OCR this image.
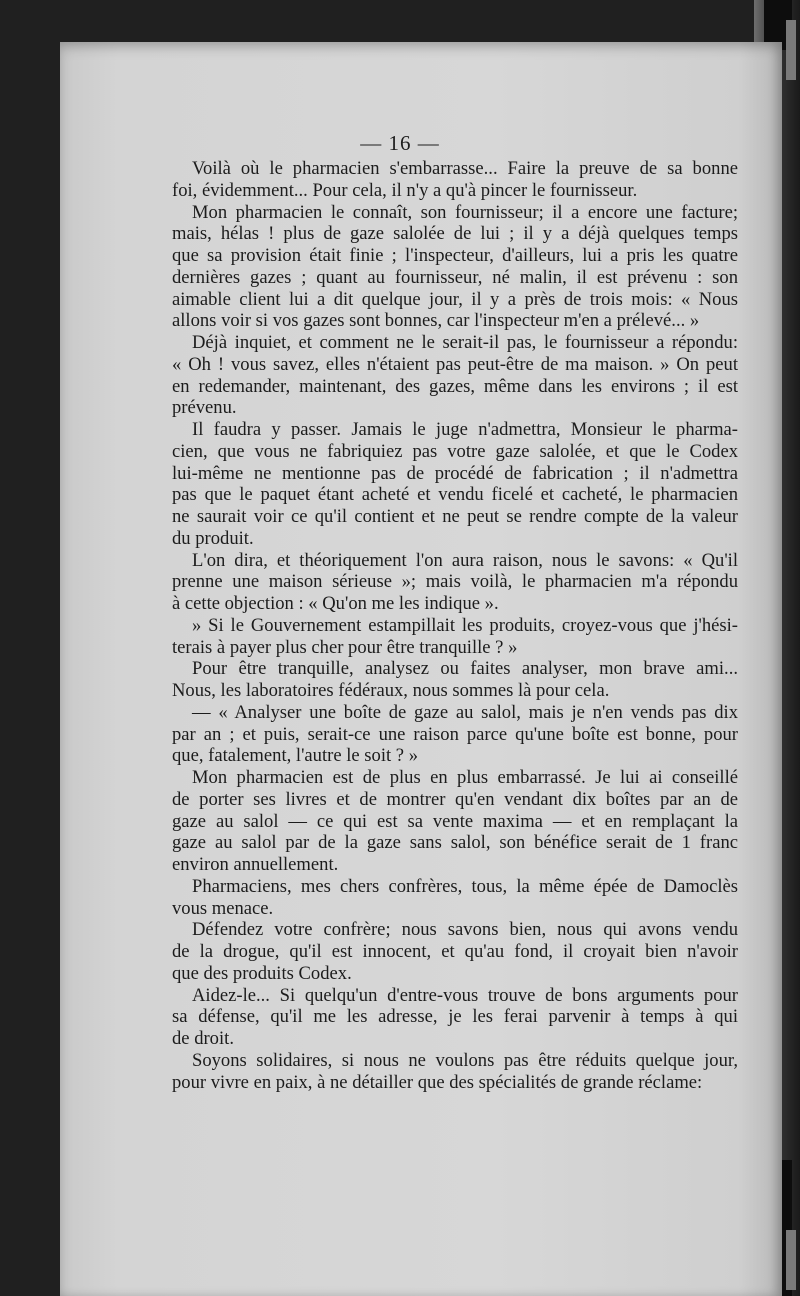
— 16 —
Voilà où le pharmacien s'embarrasse... Faire la preuve de sa bonne
foi, évidemment... Pour cela, il n'y a qu'à pincer le fournisseur.
Mon pharmacien le connaît, son fournisseur; il a encore une facture;
mais, hélas ! plus de gaze salolée de lui ; il y a déjà quelques temps
que sa provision était finie ; l'inspecteur, d'ailleurs, lui a pris les quatre
dernières gazes ; quant au fournisseur, né malin, il est prévenu : son
aimable client lui a dit quelque jour, il y a près de trois mois: « Nous
allons voir si vos gazes sont bonnes, car l'inspecteur m'en a prélevé... »
Déjà inquiet, et comment ne le serait-il pas, le fournisseur a répondu:
« Oh ! vous savez, elles n'étaient pas peut-être de ma maison. » On peut
en redemander, maintenant, des gazes, même dans les environs ; il est
prévenu.
Il faudra y passer. Jamais le juge n'admettra, Monsieur le pharma-
cien, que vous ne fabriquiez pas votre gaze salolée, et que le Codex
lui-même ne mentionne pas de procédé de fabrication ; il n'admettra
pas que le paquet étant acheté et vendu ficelé et cacheté, le pharmacien
ne saurait voir ce qu'il contient et ne peut se rendre compte de la valeur
du produit.
L'on dira, et théoriquement l'on aura raison, nous le savons: « Qu'il
prenne une maison sérieuse »; mais voilà, le pharmacien m'a répondu
à cette objection : « Qu'on me les indique ».
» Si le Gouvernement estampillait les produits, croyez-vous que j'hési-
terais à payer plus cher pour être tranquille ? »
Pour être tranquille, analysez ou faites analyser, mon brave ami...
Nous, les laboratoires fédéraux, nous sommes là pour cela.
— « Analyser une boîte de gaze au salol, mais je n'en vends pas dix
par an ; et puis, serait-ce une raison parce qu'une boîte est bonne, pour
que, fatalement, l'autre le soit ? »
Mon pharmacien est de plus en plus embarrassé. Je lui ai conseillé
de porter ses livres et de montrer qu'en vendant dix boîtes par an de
gaze au salol — ce qui est sa vente maxima — et en remplaçant la
gaze au salol par de la gaze sans salol, son bénéfice serait de 1 franc
environ annuellement.
Pharmaciens, mes chers confrères, tous, la même épée de Damoclès
vous menace.
Défendez votre confrère; nous savons bien, nous qui avons vendu
de la drogue, qu'il est innocent, et qu'au fond, il croyait bien n'avoir
que des produits Codex.
Aidez-le... Si quelqu'un d'entre-vous trouve de bons arguments pour
sa défense, qu'il me les adresse, je les ferai parvenir à temps à qui
de droit.
Soyons solidaires, si nous ne voulons pas être réduits quelque jour,
pour vivre en paix, à ne détailler que des spécialités de grande réclame:
